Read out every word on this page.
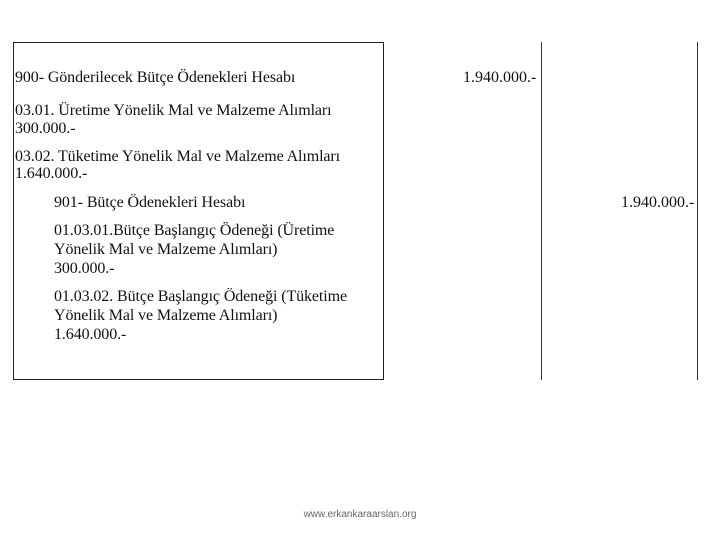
900- Gönderilecek Bütçe Ödenekleri Hesabı	1.940.000.-
03.01. Üretime Yönelik Mal ve Malzeme Alımları
300.000.-
03.02. Tüketime Yönelik Mal ve Malzeme Alımları
1.640.000.-
901- Bütçe Ödenekleri Hesabı	1.940.000.-
01.03.01.Bütçe Başlangıç Ödeneği (Üretime
Yönelik Mal ve Malzeme Alımları)
300.000.-
01.03.02. Bütçe Başlangıç Ödeneği (Tüketime
Yönelik Mal ve Malzeme Alımları)
1.640.000.-
www.erkankaraarslan.org
